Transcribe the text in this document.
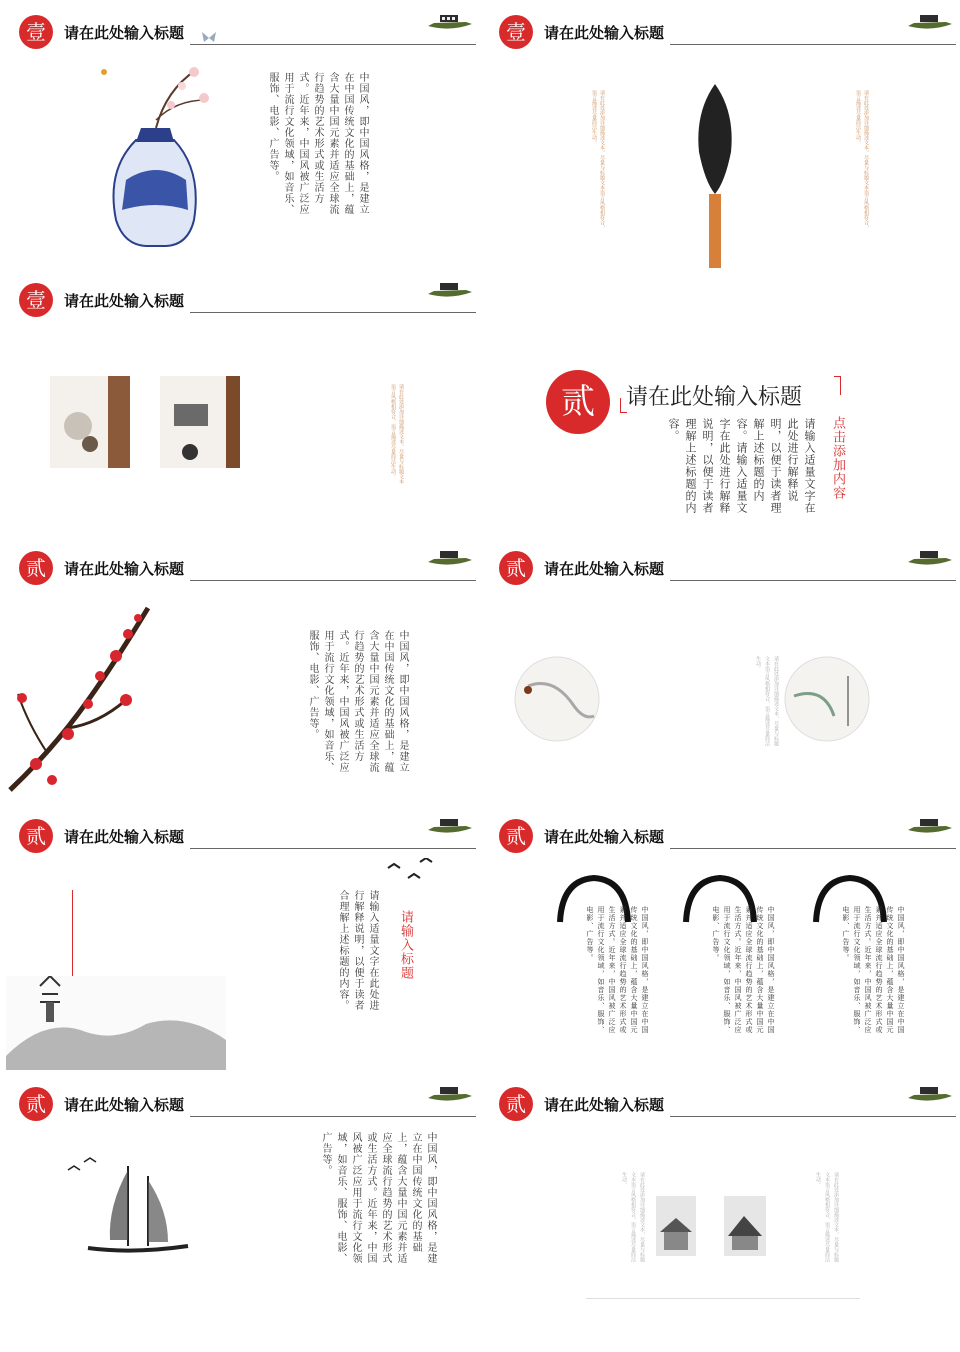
壹	请在此处输入标题
中国风，即中国风格，是建立在中国传统文化的基础上，蕴含大量中国元素并适应全球流行趋势的艺术形式或生活方式。近年来，中国风被广泛应用于流行文化领域，如音乐、服饰、电影、广告等。
壹	请在此处输入标题
请在此处添加详细描述文本，尽量与标题文本语言风格相符合，语言描述尽量简洁生动。	请在此处添加详细描述文本，尽量与标题文本语言风格相符合，语言描述尽量简洁生动。
壹	请在此处输入标题
请在此处添加详细描述文本，尽量与标题文本语言风格相符合，语言描述尽量简洁生动。	贰	请在此处输入标题
点击添加内容
请输入适量文字在此处进行解释说明，以便于读者理解上述标题的内容。请输入适量文字在此处进行解释说明，以便于读者理解上述标题的内容。
贰	请在此处输入标题
中国风，即中国风格，是建立在中国传统文化的基础上，蕴含大量中国元素并适应全球流行趋势的艺术形式或生活方式。近年来，中国风被广泛应用于流行文化领域，如音乐、服饰、电影、广告等。
贰	请在此处输入标题
请在此处添加详细描述文本，尽量与标题文本语言风格相符合，语言描述尽量简洁生动。
贰	请在此处输入标题
请输入标题
请输入适量文字在此处进行解释说明，以便于读者合理解上述标题的内容。
贰	请在此处输入标题
中国风，即中国风格，是建立在中国传统文化的基础上，蕴含大量中国元素并适应全球流行趋势的艺术形式或生活方式。近年来，中国风被广泛应用于流行文化领域，如音乐、服饰、电影、广告等。	中国风，即中国风格，是建立在中国传统文化的基础上，蕴含大量中国元素并适应全球流行趋势的艺术形式或生活方式。近年来，中国风被广泛应用于流行文化领域，如音乐、服饰、电影、广告等。	中国风，即中国风格，是建立在中国传统文化的基础上，蕴含大量中国元素并适应全球流行趋势的艺术形式或生活方式。近年来，中国风被广泛应用于流行文化领域，如音乐、服饰、电影、广告等。
贰	请在此处输入标题
中国风，即中国风格，是建立在中国传统文化的基础上，蕴含大量中国元素并适应全球流行趋势的艺术形式或生活方式。近年来，中国风被广泛应用于流行文化领域，如音乐、服饰、电影、广告等。
贰	请在此处输入标题
请在此处添加详细描述文本，尽量与标题文本语言风格相符合，语言描述尽量简洁生动。	请在此处添加详细描述文本，尽量与标题文本语言风格相符合，语言描述尽量简洁生动。
